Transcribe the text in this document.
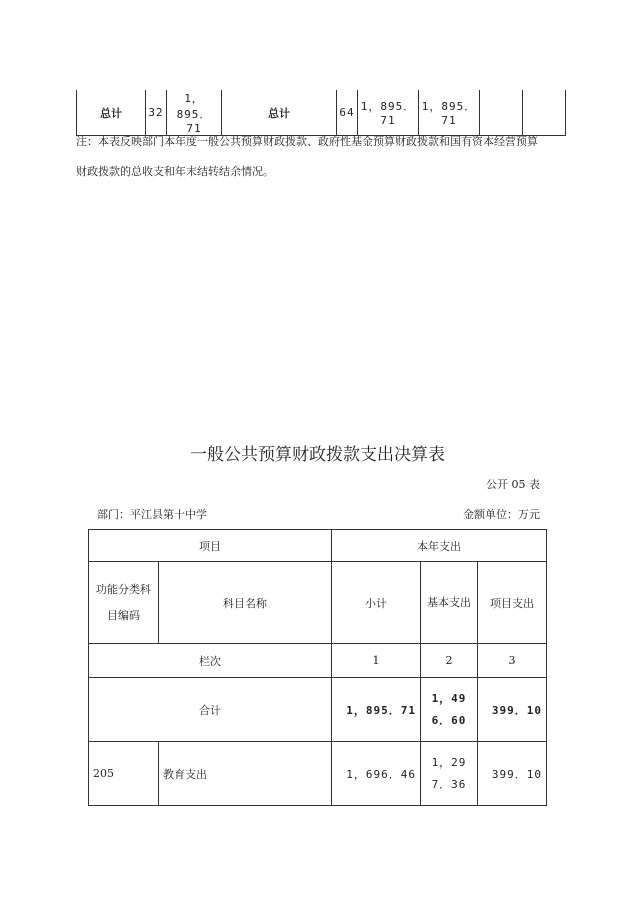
总计	32	1，895．71	总计	64	1，895．71	1，895．71		
注：本表反映部门本年度一般公共预算财政拨款、政府性基金预算财政拨款和国有资本经营预算
财政拨款的总收支和年末结转结余情况。
一般公共预算财政拨款支出决算表
公开 05 表
部门：平江县第十中学	金额单位：万元
项目		本年支出		
功能分类科目编码	科目名称	小计	基本支出	项目支出
栏次		1	2	3
合计		1，895．71	1，496．60	399．10
205	教育支出	1，696．46	1，297．36	399．10
